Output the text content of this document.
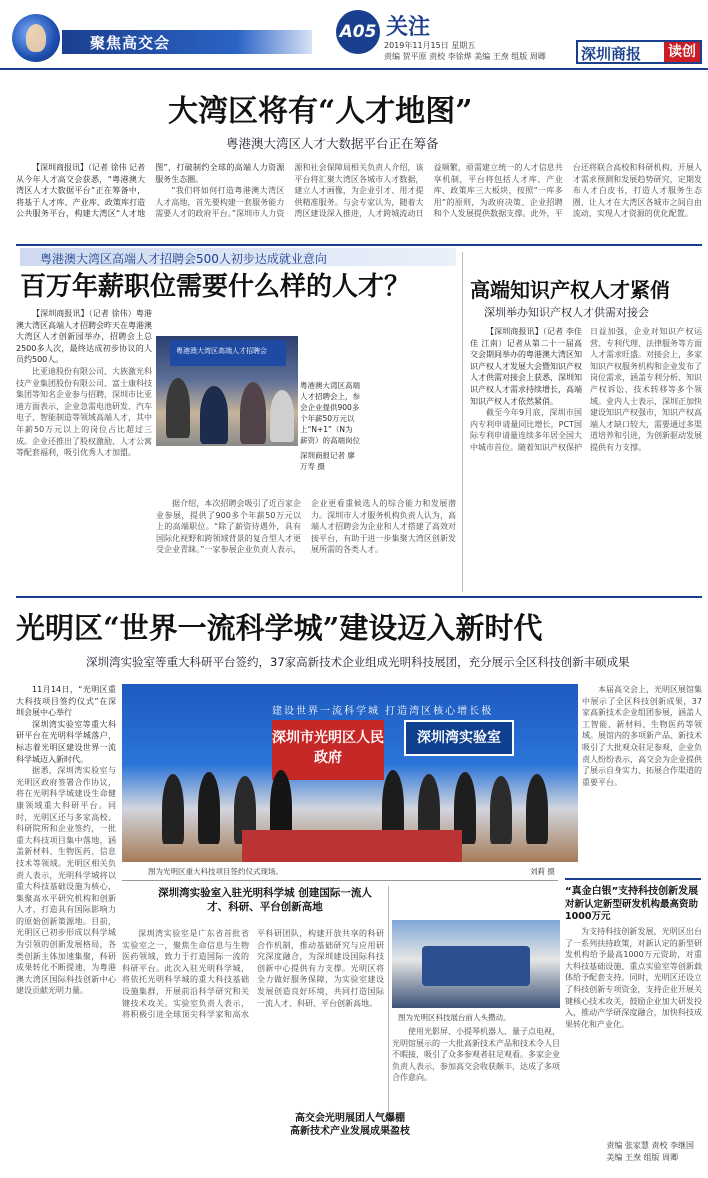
聚焦高交会
A05 关注
2019年11月15日 星期五
责编 贺平原 责校 李徐烨 美编 王焘 组版 周卿 深圳商报 读创
大湾区将有“人才地图”
粤港澳大湾区人才大数据平台正在筹备

【深圳商报讯】（记者 徐伟 记者从今年人才高交会获悉，“粤港澳大湾区人才大数据平台”正在筹备中，将基于人才库、产业库、政策库打造公共服务平台，构建大湾区“人才地图”，打破制约全球的高端人力资源服务生态圈。

“我们将如何打造粤港澳大湾区人才高地，首先要构建一套服务能力需要人才的政府平台。”深圳市人力资源和社会保障局相关负责人介绍，该平台将汇聚大湾区各城市人才数据，建立人才画像，为企业引才、用才提供精准服务。与会专家认为，随着大湾区建设深入推进，人才跨城流动日益频繁，亟需建立统一的人才信息共享机制，平台将包括人才库、产业库、政策库三大板块，按照“一库多用”的原则，为政府决策、企业招聘和个人发展提供数据支撑。此外，平台还将联合高校和科研机构，开展人才需求预测和发展趋势研究，定期发布人才白皮书，打造人才服务生态圈，让人才在大湾区各城市之间自由流动，实现人才资源的优化配置。

粤港澳大湾区高端人才招聘会500人初步达成就业意向
百万年薪职位需要什么样的人才？

【深圳商报讯】（记者 徐伟）粤港澳大湾区高端人才招聘会昨天在粤港澳大湾区人才创新园举办，招聘会上总2500多人次，最终达成初步协议的人员约500人。

比亚迪股份有限公司、大族激光科技产业集团股份有限公司、富士康科技集团等知名企业参与招聘，深圳市比亚迪方面表示，企业急需电池研发、汽车电子、智能制造等领域高端人才，其中年薪50万元以上的岗位占比超过三成。企业还推出了股权激励、人才公寓等配套福利，吸引优秀人才加盟。

粤港澳大湾区高端人才招聘会
粤港澳大湾区高端人才招聘会上，参会企业提供900多个年薪50万元以上“N+1”（N为薪资）的高端岗位
深圳商报记者 廖万寿 摄

据介绍，本次招聘会吸引了近百家企业参展，提供了900多个年薪50万元以上的高端职位。“除了薪资待遇外，具有国际化视野和跨领域背景的复合型人才更受企业青睐。”一家参展企业负责人表示，企业更看重候选人的综合能力和发展潜力。深圳市人才服务机构负责人认为，高端人才招聘会为企业和人才搭建了高效对接平台，有助于进一步集聚大湾区创新发展所需的各类人才。

高端知识产权人才紧俏
深圳举办知识产权人才供需对接会

【深圳商报讯】（记者 李佳佳 江南）记者从第二十一届高交会期间举办的粤港澳大湾区知识产权人才发展大会暨知识产权人才供需对接会上获悉，深圳知识产权人才需求持续增长，高端知识产权人才依然紧俏。

截至今年9月底，深圳市国内专利申请量同比增长，PCT国际专利申请量连续多年居全国大中城市首位。随着知识产权保护日益加强，企业对知识产权运营、专利代理、法律服务等方面人才需求旺盛。对接会上，多家知识产权服务机构和企业发布了岗位需求，涵盖专利分析、知识产权诉讼、技术转移等多个领域。业内人士表示，深圳正加快建设知识产权强市，知识产权高端人才缺口较大，需要通过多渠道培养和引进，为创新驱动发展提供有力支撑。

光明区“世界一流科学城”建设迈入新时代
深圳湾实验室等重大科研平台签约，37家高新技术企业组成光明科技展团，充分展示全区科技创新丰硕成果

11月14日，“光明区重大科技项目签约仪式”在深圳会展中心举行

深圳湾实验室等重大科研平台在光明科学城落户，标志着光明区建设世界一流科学城迈入新时代。

据悉，深圳湾实验室与光明区政府签署合作协议，将在光明科学城建设生命健康领域重大科研平台。同时，光明区还与多家高校、科研院所和企业签约，一批重大科技项目集中落地，涵盖新材料、生物医药、信息技术等领域。光明区相关负责人表示，光明科学城将以重大科技基础设施为核心，集聚高水平研究机构和创新人才，打造具有国际影响力的原始创新策源地。目前，光明区已初步形成以科学城为引领的创新发展格局，各类创新主体加速集聚，科研成果转化不断提速，为粤港澳大湾区国际科技创新中心建设贡献光明力量。

建设世界一流科学城 打造湾区核心增长极
深圳市光明区人民政府
深圳湾实验室
图为光明区重大科技项目签约仪式现场。	刘莉 摄

本届高交会上，光明区展馆集中展示了全区科技创新成果，37家高新技术企业组团参展，涵盖人工智能、新材料、生物医药等领域。展馆内的多项新产品、新技术吸引了大批观众驻足参观，企业负责人纷纷表示，高交会为企业提供了展示自身实力、拓展合作渠道的重要平台。

“真金白银”支持科技创新发展
对新认定新型研发机构最高资助1000万元

为支持科技创新发展，光明区出台了一系列扶持政策，对新认定的新型研发机构给予最高1000万元资助，对重大科技基础设施、重点实验室等创新载体给予配套支持。同时，光明区还设立了科技创新专项资金，支持企业开展关键核心技术攻关，鼓励企业加大研发投入，推动产学研深度融合，加快科技成果转化和产业化。

深圳湾实验室入驻光明科学城 创建国际一流人才、科研、平台创新高地

深圳湾实验室是广东省首批省实验室之一，聚焦生命信息与生物医药领域，致力于打造国际一流的科研平台。此次入驻光明科学城，将依托光明科学城的重大科技基础设施集群，开展前沿科学研究和关键技术攻关。实验室负责人表示，将积极引进全球顶尖科学家和高水平科研团队，构建开放共享的科研合作机制，推动基础研究与应用研究深度融合，为深圳建设国际科技创新中心提供有力支撑。光明区将全力做好服务保障，为实验室建设发展创造良好环境，共同打造国际一流人才、科研、平台创新高地。

图为光明区科技展台前人头攒动。

使用光影屏、小提琴机器人、量子点电视，光明馆展示的一大批高新技术产品和技术令人目不暇接，吸引了众多参观者驻足观看。多家企业负责人表示，参加高交会收获颇丰，达成了多项合作意向。

高交会光明展团人气爆棚
高新技术产业发展成果盈枝
责编 张家慧 责校 李继国
美编 王焘 组版 周卿
